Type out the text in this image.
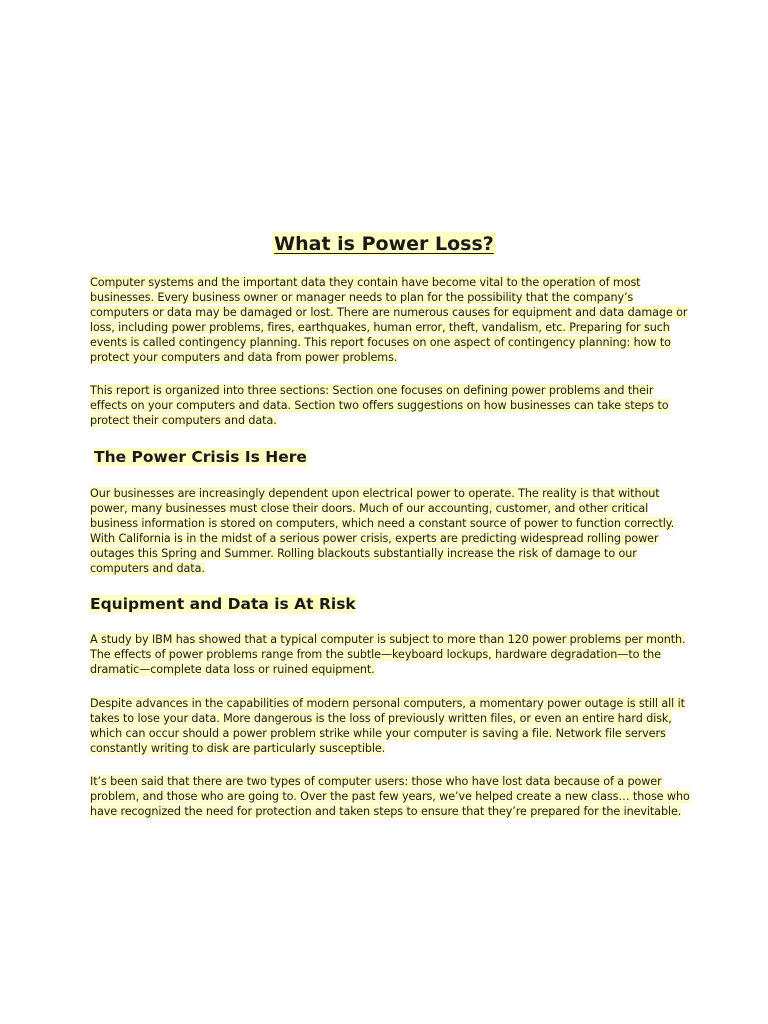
What is Power Loss?

Computer systems and the important data they contain have become vital to the operation of most businesses. Every business owner or manager needs to plan for the possibility that the company’s computers or data may be damaged or lost. There are numerous causes for equipment and data damage or loss, including power problems, fires, earthquakes, human error, theft, vandalism, etc. Preparing for such events is called contingency planning. This report focuses on one aspect of contingency planning: how to protect your computers and data from power problems.

This report is organized into three sections: Section one focuses on defining power problems and their effects on your computers and data. Section two offers suggestions on how businesses can take steps to protect their computers and data.

The Power Crisis Is Here

Our businesses are increasingly dependent upon electrical power to operate. The reality is that without power, many businesses must close their doors. Much of our accounting, customer, and other critical business information is stored on computers, which need a constant source of power to function correctly. With California is in the midst of a serious power crisis, experts are predicting widespread rolling power outages this Spring and Summer. Rolling blackouts substantially increase the risk of damage to our computers and data.

Equipment and Data is At Risk

A study by IBM has showed that a typical computer is subject to more than 120 power problems per month. The effects of power problems range from the subtle—keyboard lockups, hardware degradation—to the dramatic—complete data loss or ruined equipment.

Despite advances in the capabilities of modern personal computers, a momentary power outage is still all it takes to lose your data. More dangerous is the loss of previously written files, or even an entire hard disk, which can occur should a power problem strike while your computer is saving a file. Network file servers constantly writing to disk are particularly susceptible.

It’s been said that there are two types of computer users: those who have lost data because of a power problem, and those who are going to. Over the past few years, we’ve helped create a new class… those who have recognized the need for protection and taken steps to ensure that they’re prepared for the inevitable.
